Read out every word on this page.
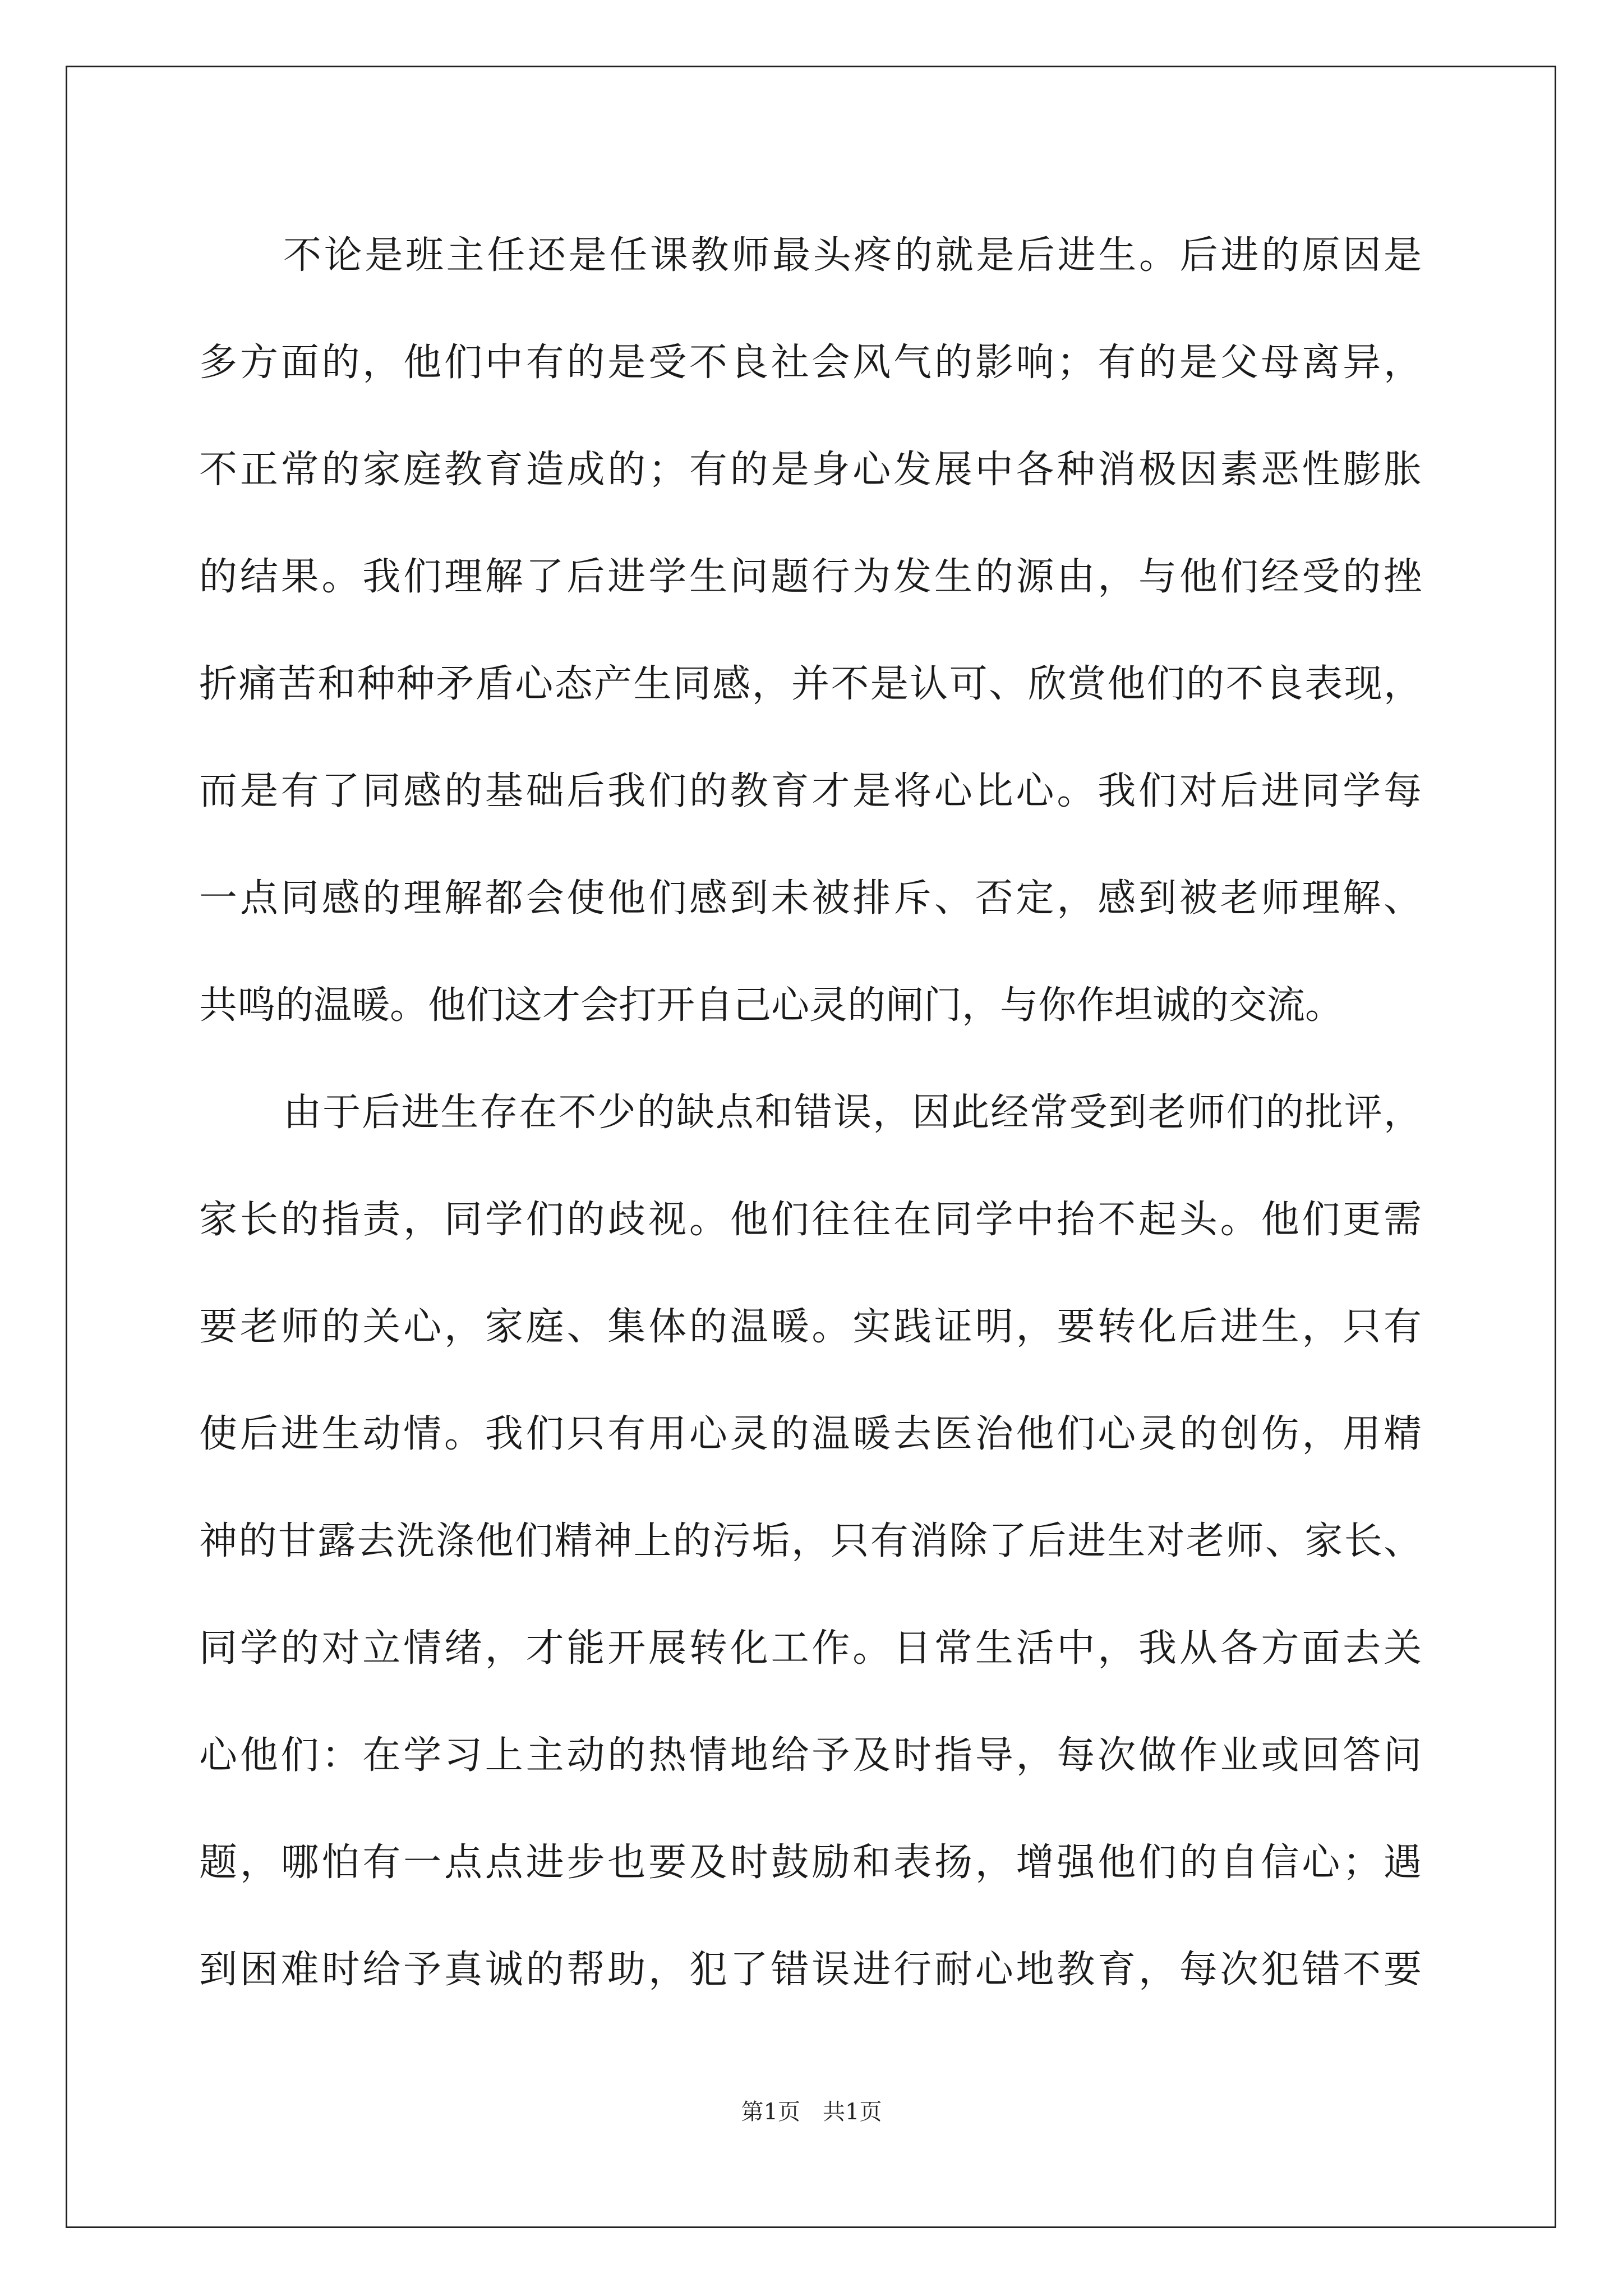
不论是班主任还是任课教师最头疼的就是后进生。后进的原因是
多方面的，他们中有的是受不良社会风气的影响；有的是父母离异，
不正常的家庭教育造成的；有的是身心发展中各种消极因素恶性膨胀
的结果。我们理解了后进学生问题行为发生的源由，与他们经受的挫
折痛苦和种种矛盾心态产生同感，并不是认可、欣赏他们的不良表现，
而是有了同感的基础后我们的教育才是将心比心。我们对后进同学每
一点同感的理解都会使他们感到未被排斥、否定，感到被老师理解、
共鸣的温暖。他们这才会打开自己心灵的闸门，与你作坦诚的交流。
由于后进生存在不少的缺点和错误，因此经常受到老师们的批评，
家长的指责，同学们的歧视。他们往往在同学中抬不起头。他们更需
要老师的关心，家庭、集体的温暖。实践证明，要转化后进生，只有
使后进生动情。我们只有用心灵的温暖去医治他们心灵的创伤，用精
神的甘露去洗涤他们精神上的污垢，只有消除了后进生对老师、家长、
同学的对立情绪，才能开展转化工作。日常生活中，我从各方面去关
心他们：在学习上主动的热情地给予及时指导，每次做作业或回答问
题，哪怕有一点点进步也要及时鼓励和表扬，增强他们的自信心；遇
到困难时给予真诚的帮助，犯了错误进行耐心地教育，每次犯错不要
第1页　共1页
